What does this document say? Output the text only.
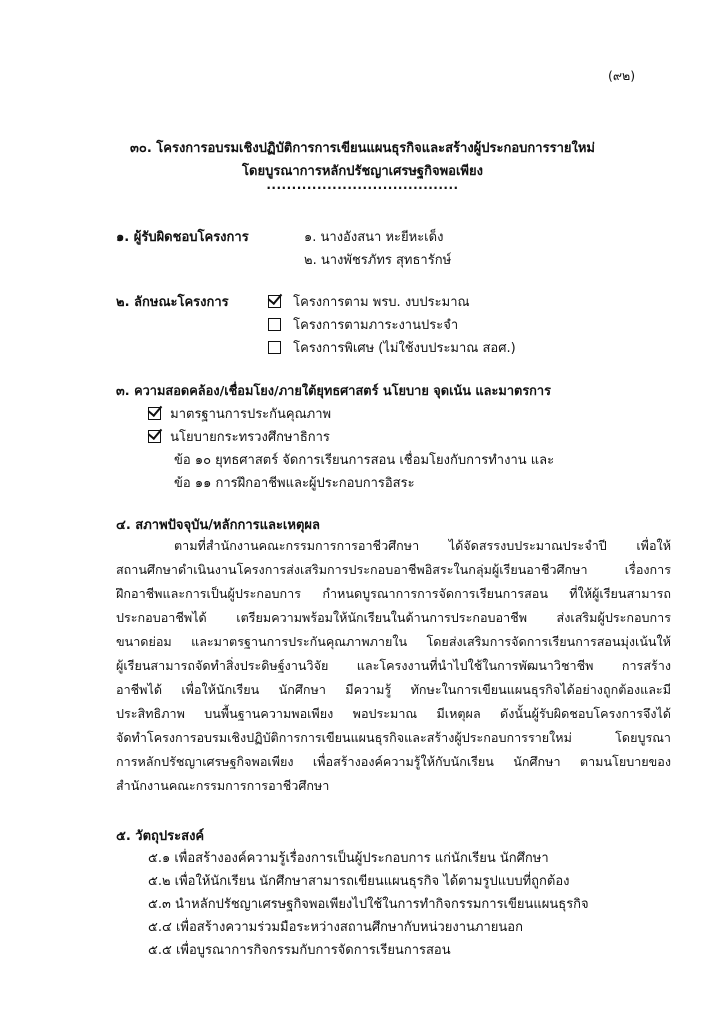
(๙๒)
๓๐. โครงการอบรมเชิงปฏิบัติการการเขียนแผนธุรกิจและสร้างผู้ประกอบการรายใหม่
โดยบูรณาการหลักปรัชญาเศรษฐกิจพอเพียง
......................................
๑. ผู้รับผิดชอบโครงการ	๑. นางอังสนา หะยีหะเด็ง
๒. นางพัชรภัทร สุทธารักษ์
๒. ลักษณะโครงการ	โครงการตาม พรบ. งบประมาณ
โครงการตามภาระงานประจำ
โครงการพิเศษ (ไม่ใช้งบประมาณ สอศ.)
๓. ความสอดคล้อง/เชื่อมโยง/ภายใต้ยุทธศาสตร์ นโยบาย จุดเน้น และมาตรการ
มาตรฐานการประกันคุณภาพ
นโยบายกระทรวงศึกษาธิการ
ข้อ ๑๐ ยุทธศาสตร์ จัดการเรียนการสอน เชื่อมโยงกับการทำงาน และ
ข้อ ๑๑ การฝึกอาชีพและผู้ประกอบการอิสระ
๔. สภาพปัจจุบัน/หลักการและเหตุผล
ตามที่สำนักงานคณะกรรมการการอาชีวศึกษา ได้จัดสรรงบประมาณประจำปี เพื่อให้
สถานศึกษาดำเนินงานโครงการส่งเสริมการประกอบอาชีพอิสระในกลุ่มผู้เรียนอาชีวศึกษา เรื่องการ
ฝึกอาชีพและการเป็นผู้ประกอบการ กำหนดบูรณาการการจัดการเรียนการสอน ที่ให้ผู้เรียนสามารถ
ประกอบอาชีพได้ เตรียมความพร้อมให้นักเรียนในด้านการประกอบอาชีพ ส่งเสริมผู้ประกอบการ
ขนาดย่อม และมาตรฐานการประกันคุณภาพภายใน โดยส่งเสริมการจัดการเรียนการสอนมุ่งเน้นให้
ผู้เรียนสามารถจัดทำสิ่งประดิษฐ์งานวิจัย และโครงงานที่นำไปใช้ในการพัฒนาวิชาชีพ การสร้าง
อาชีพได้ เพื่อให้นักเรียน นักศึกษา มีความรู้ ทักษะในการเขียนแผนธุรกิจได้อย่างถูกต้องและมี
ประสิทธิภาพ บนพื้นฐานความพอเพียง พอประมาณ มีเหตุผล ดังนั้นผู้รับผิดชอบโครงการจึงได้
จัดทำโครงการอบรมเชิงปฏิบัติการการเขียนแผนธุรกิจและสร้างผู้ประกอบการรายใหม่ โดยบูรณา
การหลักปรัชญาเศรษฐกิจพอเพียง เพื่อสร้างองค์ความรู้ให้กับนักเรียน นักศึกษา ตามนโยบายของ
สำนักงานคณะกรรมการการอาชีวศึกษา
๕. วัตถุประสงค์
๕.๑ เพื่อสร้างองค์ความรู้เรื่องการเป็นผู้ประกอบการ แก่นักเรียน นักศึกษา
๕.๒ เพื่อให้นักเรียน นักศึกษาสามารถเขียนแผนธุรกิจ ได้ตามรูปแบบที่ถูกต้อง
๕.๓ นำหลักปรัชญาเศรษฐกิจพอเพียงไปใช้ในการทำกิจกรรมการเขียนแผนธุรกิจ
๕.๔ เพื่อสร้างความร่วมมือระหว่างสถานศึกษากับหน่วยงานภายนอก
๕.๕ เพื่อบูรณาการกิจกรรมกับการจัดการเรียนการสอน
